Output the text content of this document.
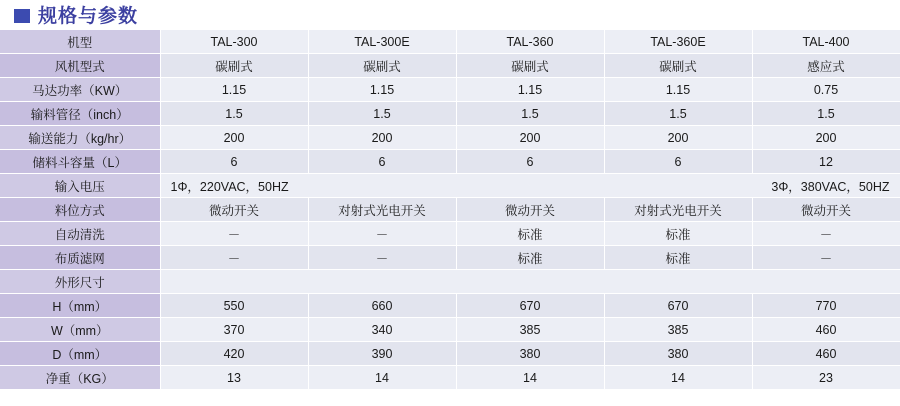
规格与参数
机型	TAL-300	TAL-300E	TAL-360	TAL-360E	TAL-400
风机型式	碳刷式	碳刷式	碳刷式	碳刷式	感应式
马达功率（KW）	1.15	1.15	1.15	1.15	0.75
输料管径（inch）	1.5	1.5	1.5	1.5	1.5
输送能力（kg/hr）	200	200	200	200	200
储料斗容量（L）	6	6	6	6	12
输入电压	1Φ，220VAC，50HZ 3Φ，380VAC，50HZ				

料位方式	微动开关	对射式光电开关	微动开关	对射式光电开关	微动开关
自动清洗	－	－	标准	标准	－
布质滤网	－	－	标准	标准	－
外形尺寸					

H（mm）	550	660	670	670	770
W（mm）	370	340	385	385	460
D（mm）	420	390	380	380	460
净重（KG）	13	14	14	14	23
